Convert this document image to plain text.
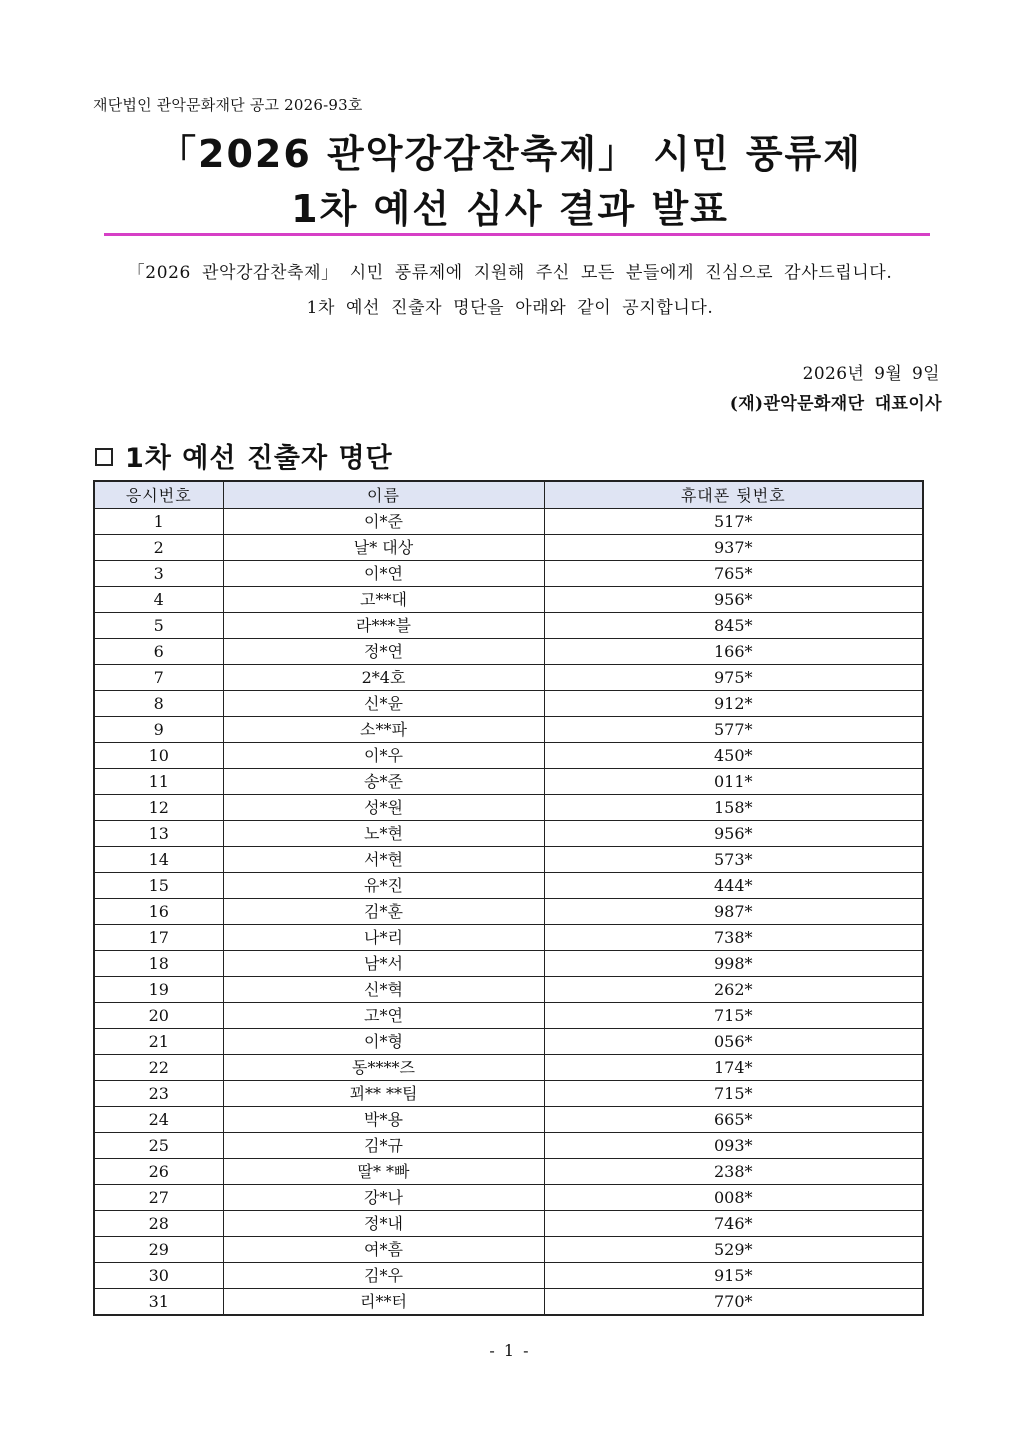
재단법인 관악문화재단 공고 2026-93호
「2026 관악강감찬축제」 시민 풍류제
1차 예선 심사 결과 발표
「2026 관악강감찬축제」 시민 풍류제에 지원해 주신 모든 분들에게 진심으로 감사드립니다.
1차 예선 진출자 명단을 아래와 같이 공지합니다.
2026년 9월 9일
(재)관악문화재단 대표이사
1차 예선 진출자 명단
응시번호	이름	휴대폰 뒷번호
1	이*준	517*
2	날* 대상	937*
3	이*연	765*
4	고**대	956*
5	라***블	845*
6	정*연	166*
7	2*4호	975*
8	신*윤	912*
9	소**파	577*
10	이*우	450*
11	송*준	011*
12	성*원	158*
13	노*현	956*
14	서*현	573*
15	유*진	444*
16	김*훈	987*
17	나*리	738*
18	남*서	998*
19	신*혁	262*
20	고*연	715*
21	이*형	056*
22	동****즈	174*
23	꾀** **팀	715*
24	박*용	665*
25	김*규	093*
26	딸* *빠	238*
27	강*나	008*
28	정*내	746*
29	여*흠	529*
30	김*우	915*
31	리**터	770*
- 1 -
